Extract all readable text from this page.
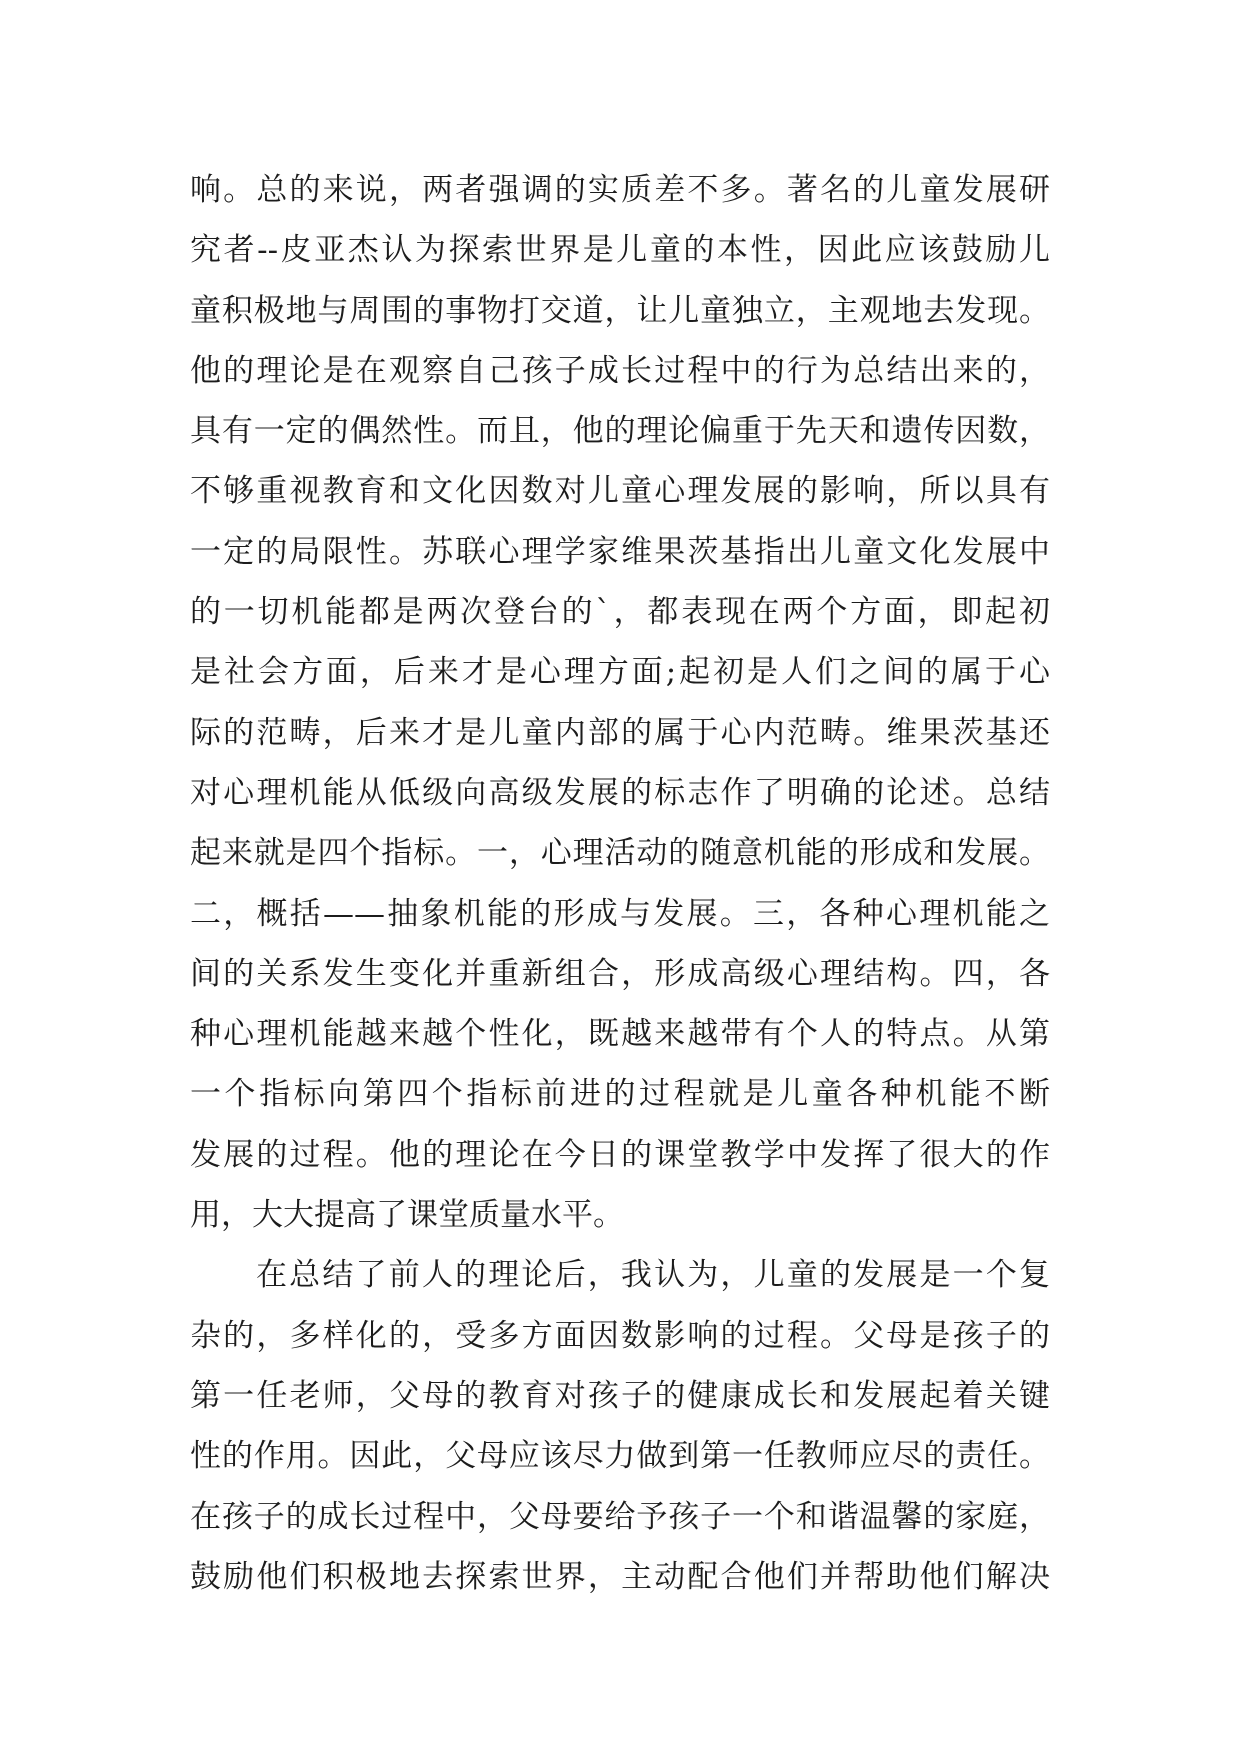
响。总的来说，两者强调的实质差不多。著名的儿童发展研
究者--皮亚杰认为探索世界是儿童的本性，因此应该鼓励儿
童积极地与周围的事物打交道，让儿童独立，主观地去发现。
他的理论是在观察自己孩子成长过程中的行为总结出来的，
具有一定的偶然性。而且，他的理论偏重于先天和遗传因数，
不够重视教育和文化因数对儿童心理发展的影响，所以具有
一定的局限性。苏联心理学家维果茨基指出儿童文化发展中
的一切机能都是两次登台的`，都表现在两个方面，即起初
是社会方面，后来才是心理方面;起初是人们之间的属于心
际的范畴，后来才是儿童内部的属于心内范畴。维果茨基还
对心理机能从低级向高级发展的标志作了明确的论述。总结
起来就是四个指标。一，心理活动的随意机能的形成和发展。
二，概括——抽象机能的形成与发展。三，各种心理机能之
间的关系发生变化并重新组合，形成高级心理结构。四，各
种心理机能越来越个性化，既越来越带有个人的特点。从第
一个指标向第四个指标前进的过程就是儿童各种机能不断
发展的过程。他的理论在今日的课堂教学中发挥了很大的作
用，大大提高了课堂质量水平。
在总结了前人的理论后，我认为，儿童的发展是一个复
杂的，多样化的，受多方面因数影响的过程。父母是孩子的
第一任老师，父母的教育对孩子的健康成长和发展起着关键
性的作用。因此，父母应该尽力做到第一任教师应尽的责任。
在孩子的成长过程中，父母要给予孩子一个和谐温馨的家庭，
鼓励他们积极地去探索世界，主动配合他们并帮助他们解决
